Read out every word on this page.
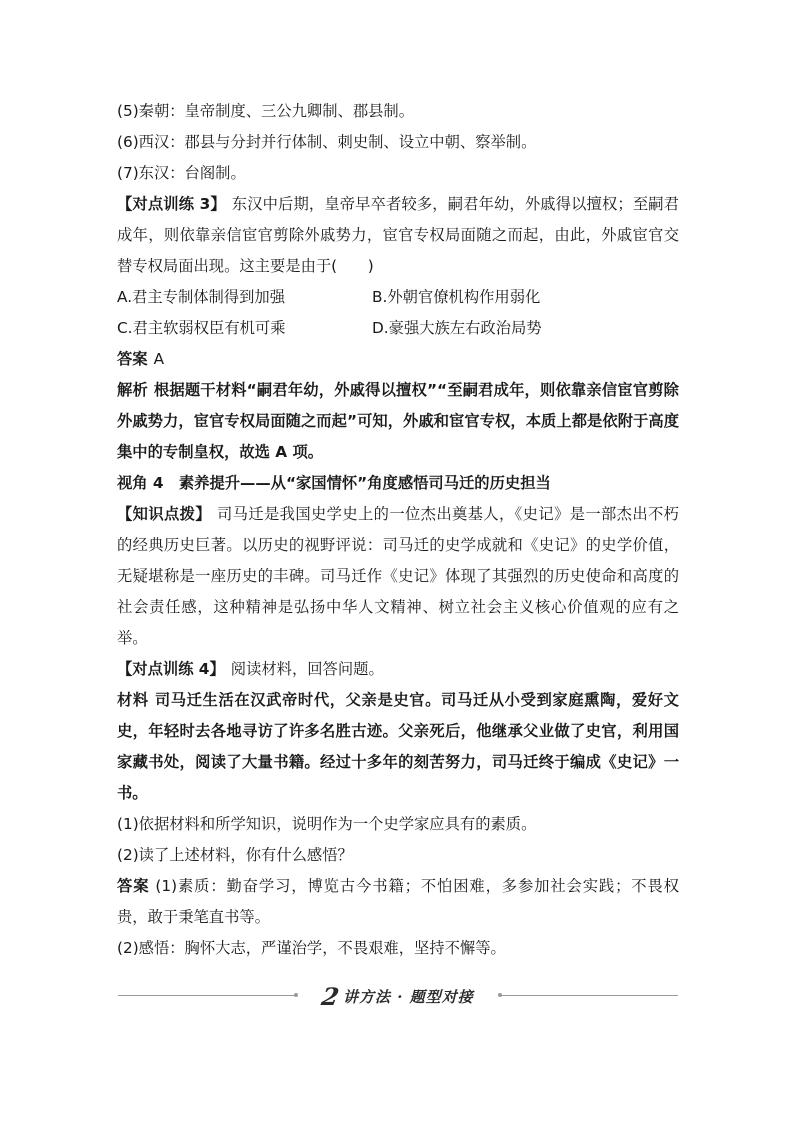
(5)秦朝：皇帝制度、三公九卿制、郡县制。

(6)西汉：郡县与分封并行体制、刺史制、设立中朝、察举制。

(7)东汉：台阁制。

【对点训练 3】 东汉中后期，皇帝早卒者较多，嗣君年幼，外戚得以擅权；至嗣君成年，则依靠亲信宦官剪除外戚势力，宦官专权局面随之而起，由此，外戚宦官交替专权局面出现。这主要是由于(　　)

A.君主专制体制得到加强	B.外朝官僚机构作用弱化
C.君主软弱权臣有机可乘	D.豪强大族左右政治局势

答案 A

解析 根据题干材料“嗣君年幼，外戚得以擅权”“至嗣君成年，则依靠亲信宦官剪除外戚势力，宦官专权局面随之而起”可知，外戚和宦官专权，本质上都是依附于高度集中的专制皇权，故选 A 项。

视角 4　素养提升——从“家国情怀”角度感悟司马迁的历史担当

【知识点拨】 司马迁是我国史学史上的一位杰出奠基人，《史记》是一部杰出不朽的经典历史巨著。以历史的视野评说：司马迁的史学成就和《史记》的史学价值，无疑堪称是一座历史的丰碑。司马迁作《史记》体现了其强烈的历史使命和高度的社会责任感，这种精神是弘扬中华人文精神、树立社会主义核心价值观的应有之举。

【对点训练 4】 阅读材料，回答问题。

材料 司马迁生活在汉武帝时代，父亲是史官。司马迁从小受到家庭熏陶，爱好文史，年轻时去各地寻访了许多名胜古迹。父亲死后，他继承父业做了史官，利用国家藏书处，阅读了大量书籍。经过十多年的刻苦努力，司马迁终于编成《史记》一书。

(1)依据材料和所学知识，说明作为一个史学家应具有的素质。

(2)读了上述材料，你有什么感悟？

答案 (1)素质：勤奋学习，博览古今书籍；不怕困难，多参加社会实践；不畏权贵，敢于秉笔直书等。

(2)感悟：胸怀大志，严谨治学，不畏艰难，坚持不懈等。

2 讲方法 · 题型对接
